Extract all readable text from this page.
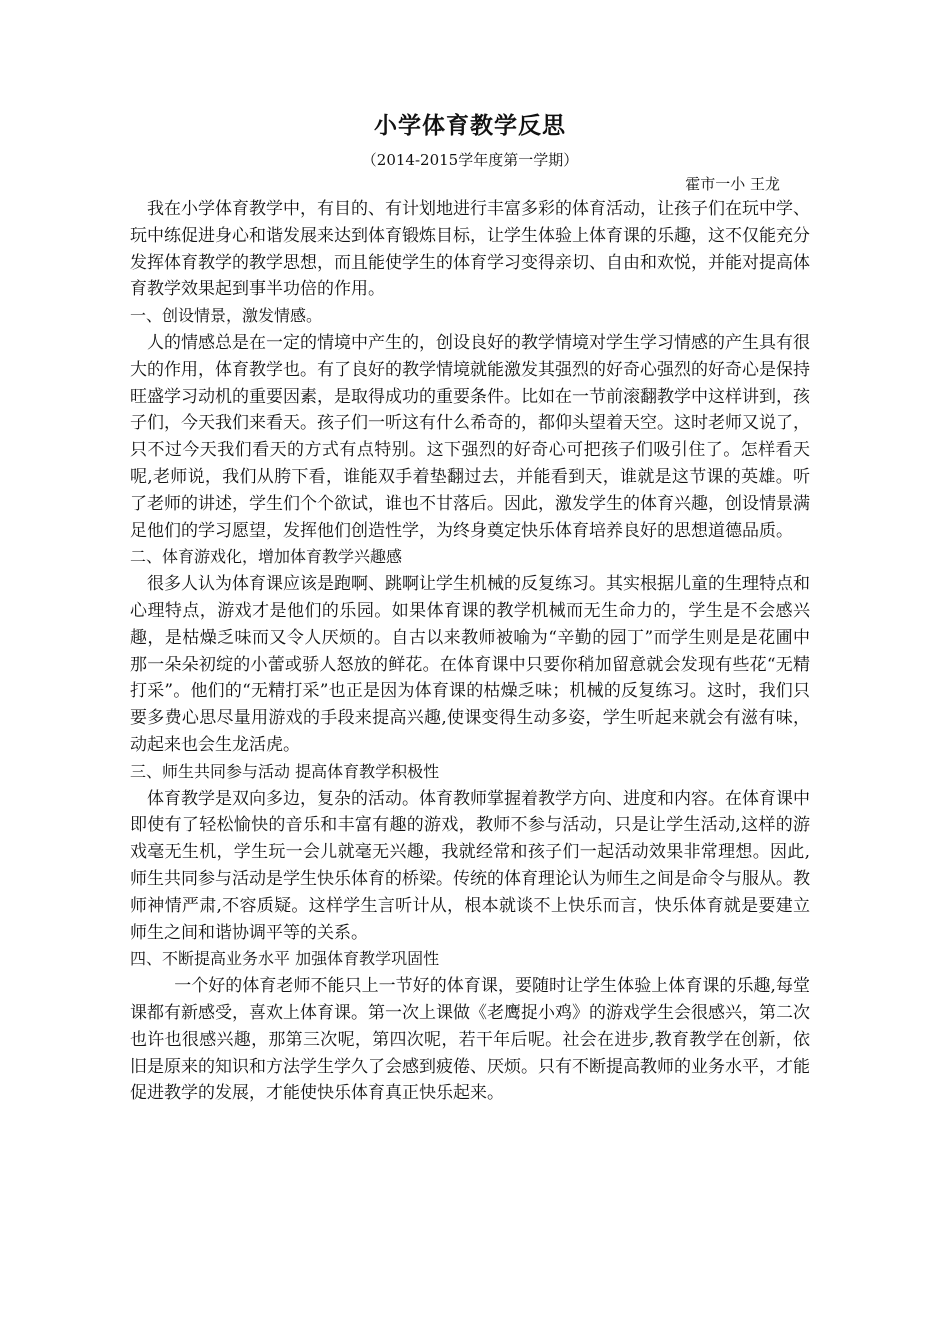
小学体育教学反思

（2014-2015学年度第一学期）

霍市一小 王龙

我在小学体育教学中，有目的、有计划地进行丰富多彩的体育活动，让孩子们在玩中学、玩中练促进身心和谐发展来达到体育锻炼目标，让学生体验上体育课的乐趣，这不仅能充分发挥体育教学的教学思想，而且能使学生的体育学习变得亲切、自由和欢悦，并能对提高体育教学效果起到事半功倍的作用。

一、创设情景，激发情感。

人的情感总是在一定的情境中产生的，创设良好的教学情境对学生学习情感的产生具有很大的作用，体育教学也。有了良好的教学情境就能激发其强烈的好奇心强烈的好奇心是保持旺盛学习动机的重要因素，是取得成功的重要条件。比如在一节前滚翻教学中这样讲到，孩子们，今天我们来看天。孩子们一听这有什么希奇的，都仰头望着天空。这时老师又说了，只不过今天我们看天的方式有点特别。这下强烈的好奇心可把孩子们吸引住了。怎样看天呢,老师说，我们从胯下看，谁能双手着垫翻过去，并能看到天，谁就是这节课的英雄。听了老师的讲述，学生们个个欲试，谁也不甘落后。因此，激发学生的体育兴趣，创设情景满足他们的学习愿望，发挥他们创造性学，为终身奠定快乐体育培养良好的思想道德品质。

二、体育游戏化，增加体育教学兴趣感

很多人认为体育课应该是跑啊、跳啊让学生机械的反复练习。其实根据儿童的生理特点和心理特点，游戏才是他们的乐园。如果体育课的教学机械而无生命力的，学生是不会感兴趣，是枯燥乏味而又令人厌烦的。自古以来教师被喻为“辛勤的园丁”而学生则是是花圃中那一朵朵初绽的小蕾或骄人怒放的鲜花。在体育课中只要你稍加留意就会发现有些花“无精打采”。他们的“无精打采”也正是因为体育课的枯燥乏味；机械的反复练习。这时，我们只要多费心思尽量用游戏的手段来提高兴趣,使课变得生动多姿，学生听起来就会有滋有味，动起来也会生龙活虎。

三、师生共同参与活动 提高体育教学积极性

体育教学是双向多边，复杂的活动。体育教师掌握着教学方向、进度和内容。在体育课中即使有了轻松愉快的音乐和丰富有趣的游戏，教师不参与活动，只是让学生活动,这样的游戏毫无生机，学生玩一会儿就毫无兴趣，我就经常和孩子们一起活动效果非常理想。因此,师生共同参与活动是学生快乐体育的桥梁。传统的体育理论认为师生之间是命令与服从。教师神情严肃,不容质疑。这样学生言听计从，根本就谈不上快乐而言，快乐体育就是要建立师生之间和谐协调平等的关系。

四、不断提高业务水平 加强体育教学巩固性

一个好的体育老师不能只上一节好的体育课，要随时让学生体验上体育课的乐趣,每堂课都有新感受，喜欢上体育课。第一次上课做《老鹰捉小鸡》的游戏学生会很感兴，第二次也许也很感兴趣，那第三次呢，第四次呢，若干年后呢。社会在进步,教育教学在创新，依旧是原来的知识和方法学生学久了会感到疲倦、厌烦。只有不断提高教师的业务水平，才能促进教学的发展，才能使快乐体育真正快乐起来。
